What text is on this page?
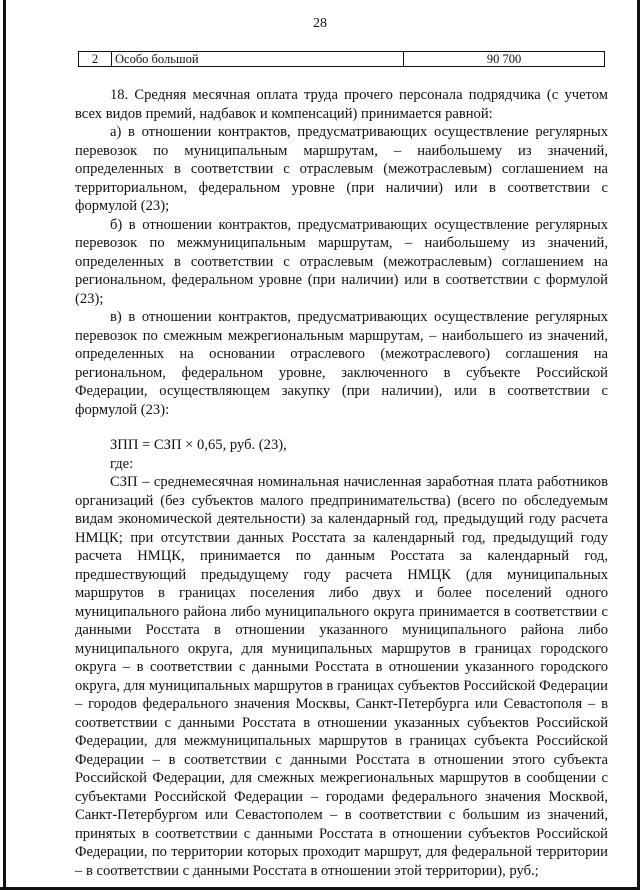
28
2	Особо большой	90 700

18. Средняя месячная оплата труда прочего персонала подрядчика (с учетом всех видов премий, надбавок и компенсаций) принимается равной:

а) в отношении контрактов, предусматривающих осуществление регулярных перевозок по муниципальным маршрутам, – наибольшему из значений, определенных в соответствии с отраслевым (межотраслевым) соглашением на территориальном, федеральном уровне (при наличии) или в соответствии с формулой (23);

б) в отношении контрактов, предусматривающих осуществление регулярных перевозок по межмуниципальным маршрутам, – наибольшему из значений, определенных в соответствии с отраслевым (межотраслевым) соглашением на региональном, федеральном уровне (при наличии) или в соответствии с формулой (23);

в) в отношении контрактов, предусматривающих осуществление регулярных перевозок по смежным межрегиональным маршрутам, – наибольшего из значений, определенных на основании отраслевого (межотраслевого) соглашения на региональном, федеральном уровне, заключенного в субъекте Российской Федерации, осуществляющем закупку (при наличии), или в соответствии с формулой (23):

ЗПП = СЗП × 0,65, руб. (23),

где:

СЗП – среднемесячная номинальная начисленная заработная плата работников организаций (без субъектов малого предпринимательства) (всего по обследуемым видам экономической деятельности) за календарный год, предыдущий году расчета НМЦК; при отсутствии данных Росстата за календарный год, предыдущий году расчета НМЦК, принимается по данным Росстата за календарный год, предшествующий предыдущему году расчета НМЦК (для муниципальных маршрутов в границах поселения либо двух и более поселений одного муниципального района либо муниципального округа принимается в соответствии с данными Росстата в отношении указанного муниципального района либо муниципального округа, для муниципальных маршрутов в границах городского округа – в соответствии с данными Росстата в отношении указанного городского округа, для муниципальных маршрутов в границах субъектов Российской Федерации – городов федерального значения Москвы, Санкт-Петербурга или Севастополя – в соответствии с данными Росстата в отношении указанных субъектов Российской Федерации, для межмуниципальных маршрутов в границах субъекта Российской Федерации – в соответствии с данными Росстата в отношении этого субъекта Российской Федерации, для смежных межрегиональных маршрутов в сообщении с субъектами Российской Федерации – городами федерального значения Москвой, Санкт-Петербургом или Севастополем – в соответствии с большим из значений, принятых в соответствии с данными Росстата в отношении субъектов Российской Федерации, по территории которых проходит маршрут, для федеральной территории – в соответствии с данными Росстата в отношении этой территории), руб.;
